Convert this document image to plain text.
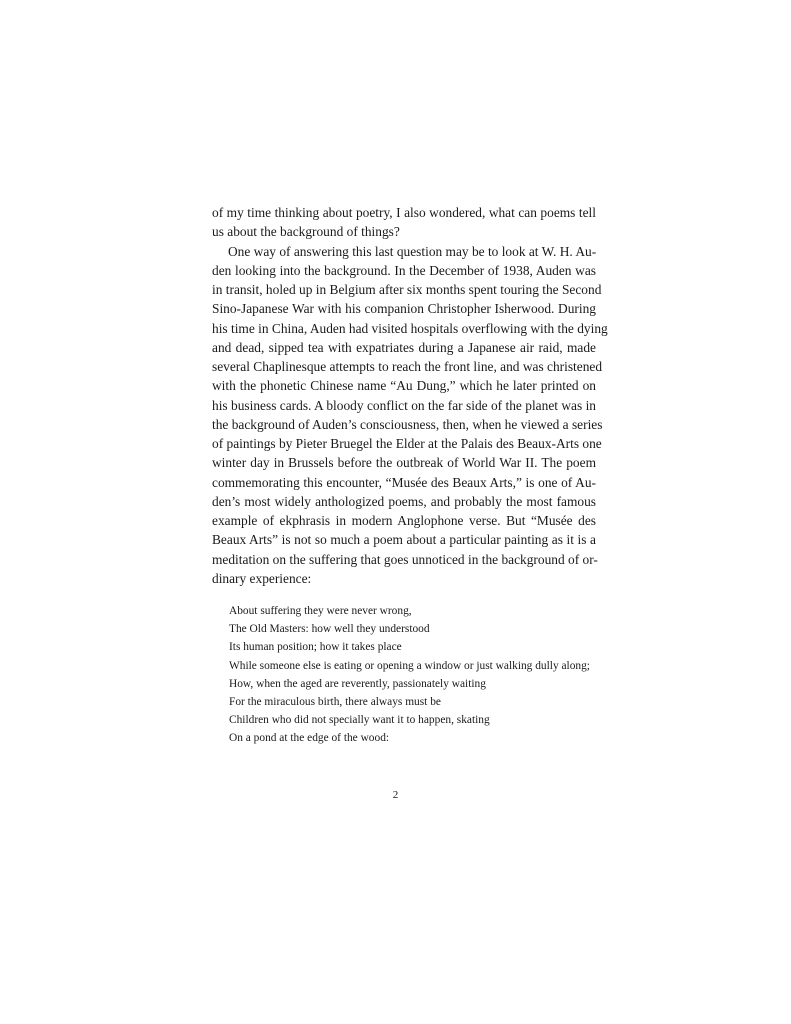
of my time thinking about poetry, I also wondered, what can poems tell
us about the background of things?
One way of answering this last question may be to look at W. H. Au-
den looking into the background. In the December of 1938, Auden was
in transit, holed up in Belgium after six months spent touring the Second
Sino-Japanese War with his companion Christopher Isherwood. During
his time in China, Auden had visited hospitals overflowing with the dying
and dead, sipped tea with expatriates during a Japanese air raid, made
several Chaplinesque attempts to reach the front line, and was christened
with the phonetic Chinese name “Au Dung,” which he later printed on
his business cards. A bloody conflict on the far side of the planet was in
the background of Auden’s consciousness, then, when he viewed a series
of paintings by Pieter Bruegel the Elder at the Palais des Beaux-Arts one
winter day in Brussels before the outbreak of World War II. The poem
commemorating this encounter, “Musée des Beaux Arts,” is one of Au-
den’s most widely anthologized poems, and probably the most famous
example of ekphrasis in modern Anglophone verse. But “Musée des
Beaux Arts” is not so much a poem about a particular painting as it is a
meditation on the suffering that goes unnoticed in the background of or-
dinary experience:
About suffering they were never wrong,
The Old Masters: how well they understood
Its human position; how it takes place
While someone else is eating or opening a window or just walking dully along;
How, when the aged are reverently, passionately waiting
For the miraculous birth, there always must be
Children who did not specially want it to happen, skating
On a pond at the edge of the wood:
2
